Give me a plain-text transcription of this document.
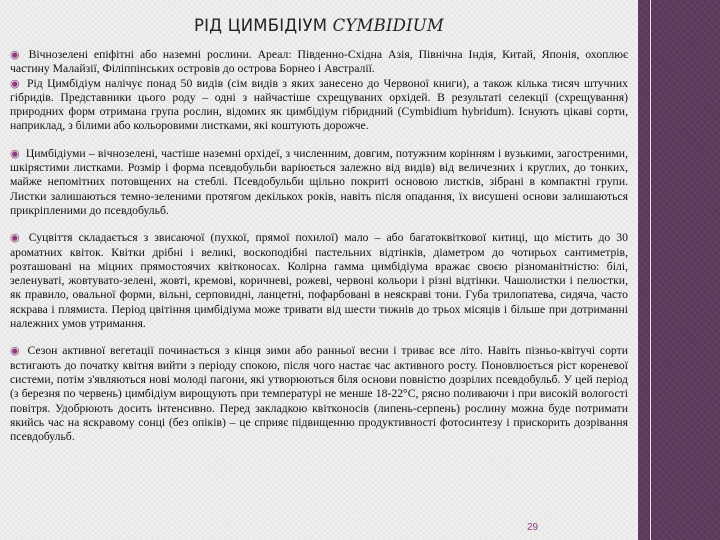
РІД ЦИМБІДІУМ CYMBIDIUM

◉ Вічнозелені епіфітні або наземні рослини. Ареал: Південно-Східна Азія, Північна Індія, Китай, Японія, охоплює частину Малайзії, Філіппінських островів до острова Борнео і Австралії.

◉ Рід Цимбідіум налічує понад 50 видів (сім видів з яких занесено до Червоної книги), а також кілька тисяч штучних гібридів. Представники цього роду – одні з найчастіше схрещуваних орхідей. В результаті селекції (схрещування) природних форм отримана група рослин, відомих як цимбідіум гібридний (Cymbidium hybridum). Існують цікаві сорти, наприклад, з білими або кольоровими листками, які коштують дорожче.

◉ Цимбідіуми – вічнозелені, частіше наземні орхідеї, з численним, довгим, потужним корінням і вузькими, загостреними, шкірястими листками. Розмір і форма псевдобульби варіюється залежно від видів) від величезних і круглих, до тонких, майже непомітних потовщених на стеблі. Псевдобульби щільно покриті основою листків, зібрані в компактні групи. Листки залишаються темно-зеленими протягом декількох років, навіть після опадання, їх висушені основи залишаються прикріпленими до псевдобульб.

◉ Суцвіття складається з звисаючої (пухкої, прямої похилої) мало – або багатоквіткової китиці, що містить до 30 ароматних квіток. Квітки дрібні і великі, воскоподібні пастельних відтінків, діаметром до чотирьох сантиметрів, розташовані на міцних прямостоячих квітконосах. Колірна гамма цимбідіума вражає своєю різноманітністю: білі, зеленуваті, жовтувато-зелені, жовті, кремові, коричневі, рожеві, червоні кольори і різні відтінки. Чашолистки і пелюстки, як правило, овальної форми, вільні, серповидні, ланцетні, пофарбовані в неяскраві тони. Губа трилопатева, сидяча, часто яскрава і плямиста. Період цвітіння цимбідіума може тривати від шести тижнів до трьох місяців і більше при дотриманні належних умов утримання.

◉ Сезон активної вегетації починається з кінця зими або ранньої весни і триває все літо. Навіть пізньо-квітучі сорти встигають до початку квітня вийти з періоду спокою, після чого настає час активного росту. Поновлюється ріст кореневої системи, потім з'являються нові молоді пагони, які утворюються біля основи повністю дозрілих псевдобульб. У цей період (з березня по червень) цимбідіум вирощують при температурі не менше 18-22°С, рясно поливаючи і при високій вологості повітря. Удобрюють досить інтенсивно. Перед закладкою квітконосів (липень-серпень) рослину можна буде потримати якийсь час на яскравому сонці (без опіків) – це сприяє підвищенню продуктивності фотосинтезу і прискорить дозрівання псевдобульб.

29
